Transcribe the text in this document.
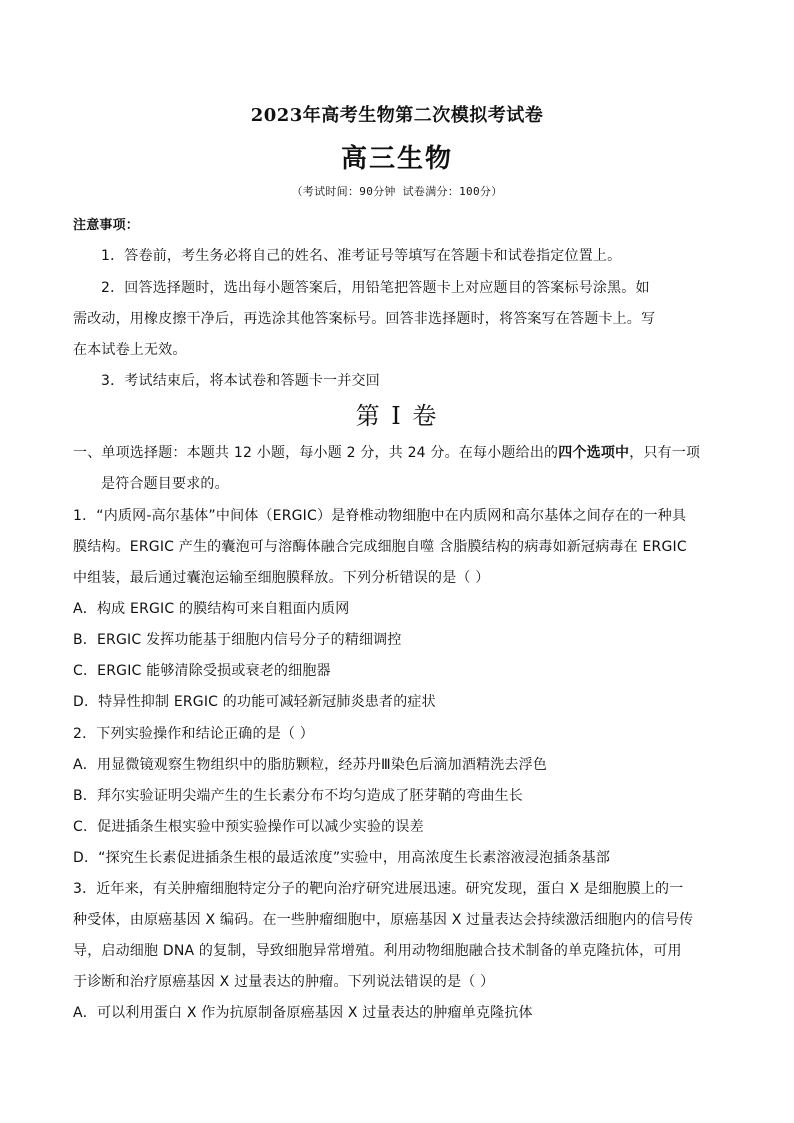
2023年高考生物第二次模拟考试卷
高三生物
（考试时间：90分钟 试卷满分：100分）
注意事项：
1．答卷前，考生务必将自己的姓名、准考证号等填写在答题卡和试卷指定位置上。
2．回答选择题时，选出每小题答案后，用铅笔把答题卡上对应题目的答案标号涂黑。如
需改动，用橡皮擦干净后，再选涂其他答案标号。回答非选择题时，将答案写在答题卡上。写
在本试卷上无效。
3．考试结束后，将本试卷和答题卡一并交回
第 I 卷
一、单项选择题：本题共 12 小题，每小题 2 分，共 24 分。在每小题给出的四个选项中，只有一项
是符合题目要求的。
1．“内质网-高尔基体”中间体（ERGIC）是脊椎动物细胞中在内质网和高尔基体之间存在的一种具
膜结构。ERGIC 产生的囊泡可与溶酶体融合完成细胞自噬 含脂膜结构的病毒如新冠病毒在 ERGIC
中组装，最后通过囊泡运输至细胞膜释放。下列分析错误的是（ ）
A．构成 ERGIC 的膜结构可来自粗面内质网
B．ERGIC 发挥功能基于细胞内信号分子的精细调控
C．ERGIC 能够清除受损或衰老的细胞器
D．特异性抑制 ERGIC 的功能可减轻新冠肺炎患者的症状
2．下列实验操作和结论正确的是（ ）
A．用显微镜观察生物组织中的脂肪颗粒，经苏丹Ⅲ染色后滴加酒精洗去浮色
B．拜尔实验证明尖端产生的生长素分布不均匀造成了胚芽鞘的弯曲生长
C．促进插条生根实验中预实验操作可以减少实验的误差
D．“探究生长素促进插条生根的最适浓度”实验中，用高浓度生长素溶液浸泡插条基部
3．近年来，有关肿瘤细胞特定分子的靶向治疗研究进展迅速。研究发现，蛋白 X 是细胞膜上的一
种受体，由原癌基因 X 编码。在一些肿瘤细胞中，原癌基因 X 过量表达会持续激活细胞内的信号传
导，启动细胞 DNA 的复制，导致细胞异常增殖。利用动物细胞融合技术制备的单克隆抗体，可用
于诊断和治疗原癌基因 X 过量表达的肿瘤。下列说法错误的是（ ）
A．可以利用蛋白 X 作为抗原制备原癌基因 X 过量表达的肿瘤单克隆抗体
